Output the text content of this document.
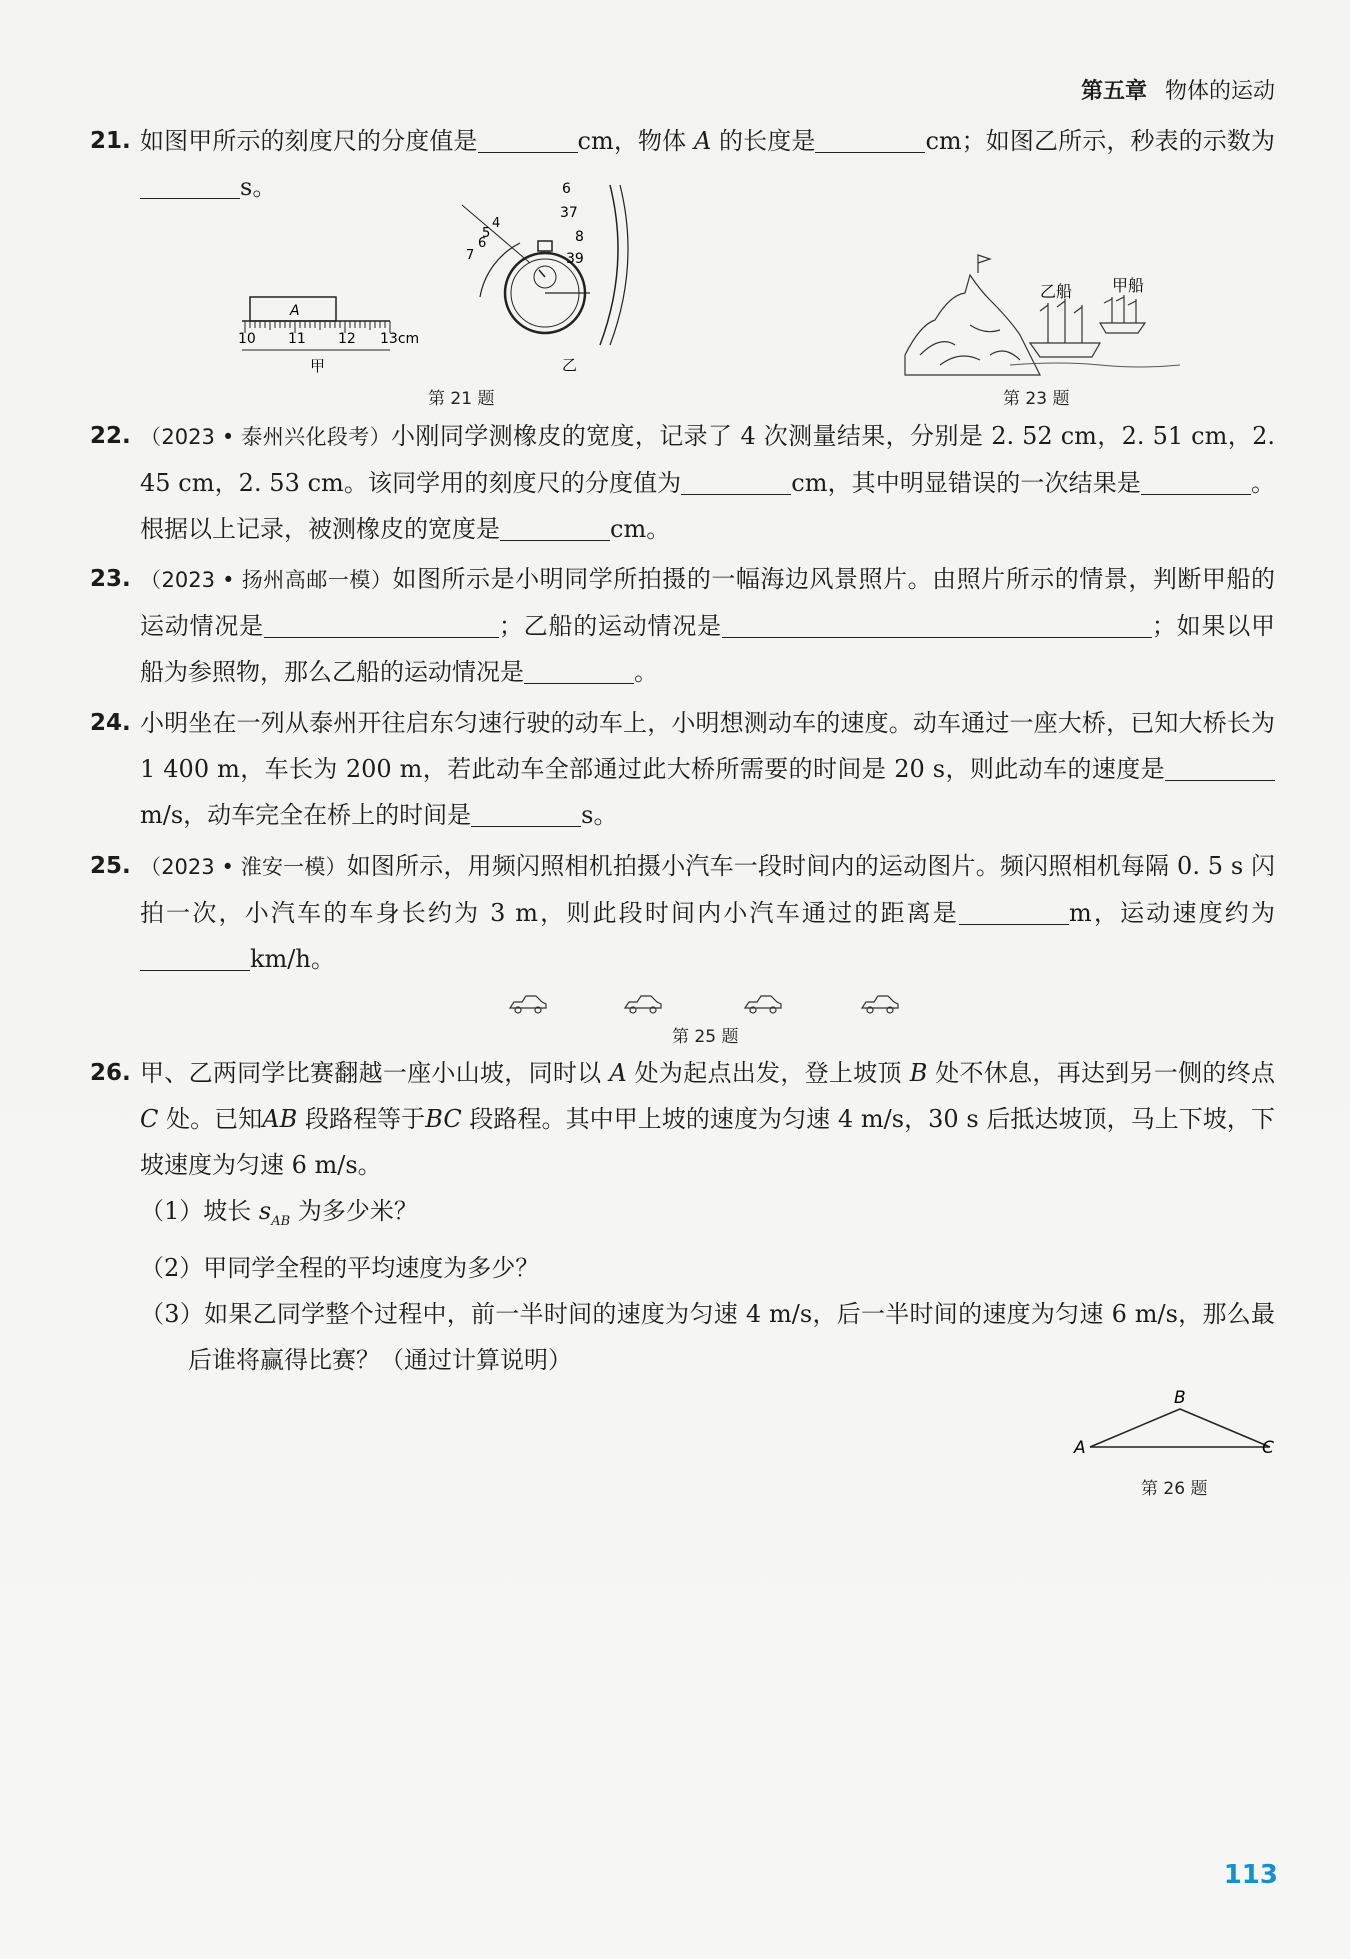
第五章 物体的运动
21. 如图甲所示的刻度尺的分度值是	cm，物体 A 的长度是	cm；如图乙所示，秒表的示数为s。
A
10 11 12 13cm
甲
4
5
6
7
6
37
8
39
乙
第 21 题
乙船 甲船
第 23 题
22. （2023 • 泰州兴化段考）小刚同学测橡皮的宽度，记录了 4 次测量结果，分别是 2. 52 cm，2. 51 cm，2. 45 cm，2. 53 cm。该同学用的刻度尺的分度值为	cm，其中明显错误的一次结果是	。根据以上记录，被测橡皮的宽度是	cm。
23. （2023 • 扬州高邮一模）如图所示是小明同学所拍摄的一幅海边风景照片。由照片所示的情景，判断甲船的运动情况是	；乙船的运动情况是	；如果以甲船为参照物，那么乙船的运动情况是	。
24. 小明坐在一列从泰州开往启东匀速行驶的动车上，小明想测动车的速度。动车通过一座大桥，已知大桥长为 1 400 m，车长为 200 m，若此动车全部通过此大桥所需要的时间是 20 s，则此动车的速度是m/s，动车完全在桥上的时间是	s。
25. （2023 • 淮安一模）如图所示，用频闪照相机拍摄小汽车一段时间内的运动图片。频闪照相机每隔 0. 5 s 闪拍一次，小汽车的车身长约为 3 m，则此段时间内小汽车通过的距离是	m，运动速度约为km/h。
第 25 题
26. 甲、乙两同学比赛翻越一座小山坡，同时以 A 处为起点出发，登上坡顶 B 处不休息，再达到另一侧的终点C 处。已知AB 段路程等于BC 段路程。其中甲上坡的速度为匀速 4 m/s，30 s 后抵达坡顶，马上下坡，下坡速度为匀速 6 m/s。
（1）坡长 $s_{AB}$ 为多少米？
（2）甲同学全程的平均速度为多少？
（3）如果乙同学整个过程中，前一半时间的速度为匀速 4 m/s，后一半时间的速度为匀速 6 m/s，那么最后谁将赢得比赛？（通过计算说明）
A
B
C
第 26 题
113
